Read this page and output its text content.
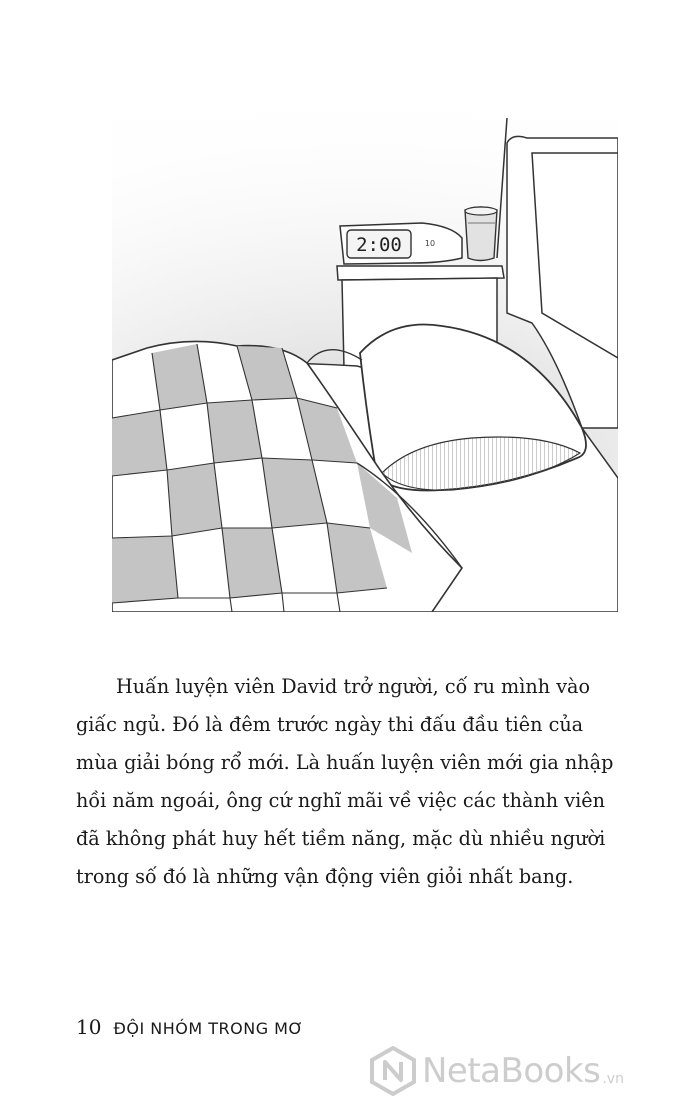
2:00	10
Huấn luyện viên David trở người, cố ru mình vào
giấc ngủ. Đó là đêm trước ngày thi đấu đầu tiên của
mùa giải bóng rổ mới. Là huấn luyện viên mới gia nhập
hồi năm ngoái, ông cứ nghĩ mãi về việc các thành viên
đã không phát huy hết tiềm năng, mặc dù nhiều người
trong số đó là những vận động viên giỏi nhất bang.
10 ĐỘI NHÓM TRONG MƠ
NetaBooks .vn
